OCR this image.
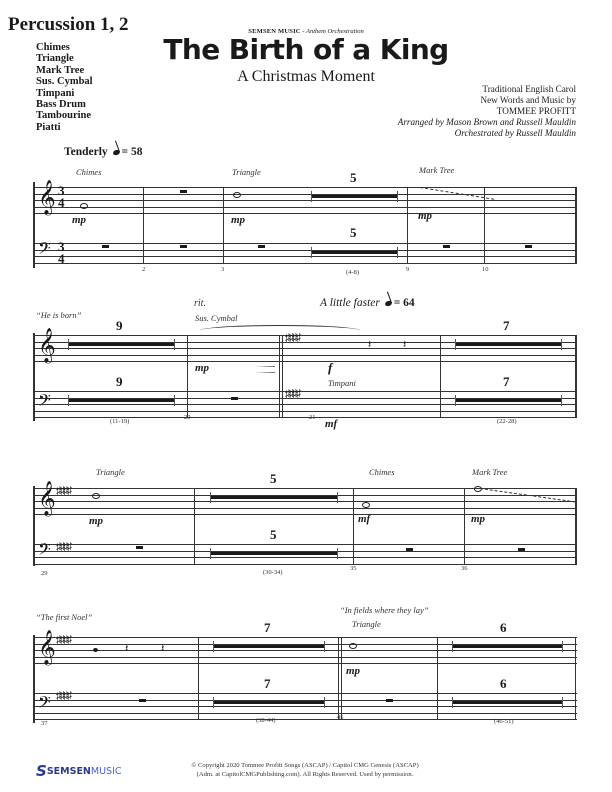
Percussion 1, 2
Chimes
Triangle
Mark Tree
Sus. Cymbal
Timpani
Bass Drum
Tambourine
Piatti
SEMSEN MUSIC - Anthem Orchestration
The Birth of a King
A Christmas Moment
Traditional English Carol
New Words and Music by
TOMMEE PROFITT
Arranged by Mason Brown and Russell Mauldin
Orchestrated by Russell Mauldin
Tenderly = 58
Chimes	Triangle	Mark Tree
𝄞
𝄢
3
4
3
4
mp	mp	mp
5
5
2	3	(4-8)	9	10
“He is born”
rit.
Sus. Cymbal
A little faster = 64
𝄞
𝄢
9
9
mp
♯♯♯♯
♯♯♯♯
f
Timpani
mf
𝄽	𝄽
7
7
(11-19)
20	21
(22-28)
Triangle	Chimes	Mark Tree
𝄞
𝄢
♯♯♯♯
♯♯♯♯
mp
5
5
mf	mp
29	(30-34)
35	36
“The first Noel”
“In fields where they lay”
Triangle
𝄞
𝄢
♯♯♯♯
♯♯♯♯
𝄽	𝄽
7
7
mp
6
6
37	(38-44)	45
(46-51)
SSEMSENMUSIC
© Copyright 2020 Tommee Profitt Songs (ASCAP) / Capitol CMG Genesis (ASCAP)
(Adm. at CapitolCMGPublishing.com). All Rights Reserved. Used by permission.
